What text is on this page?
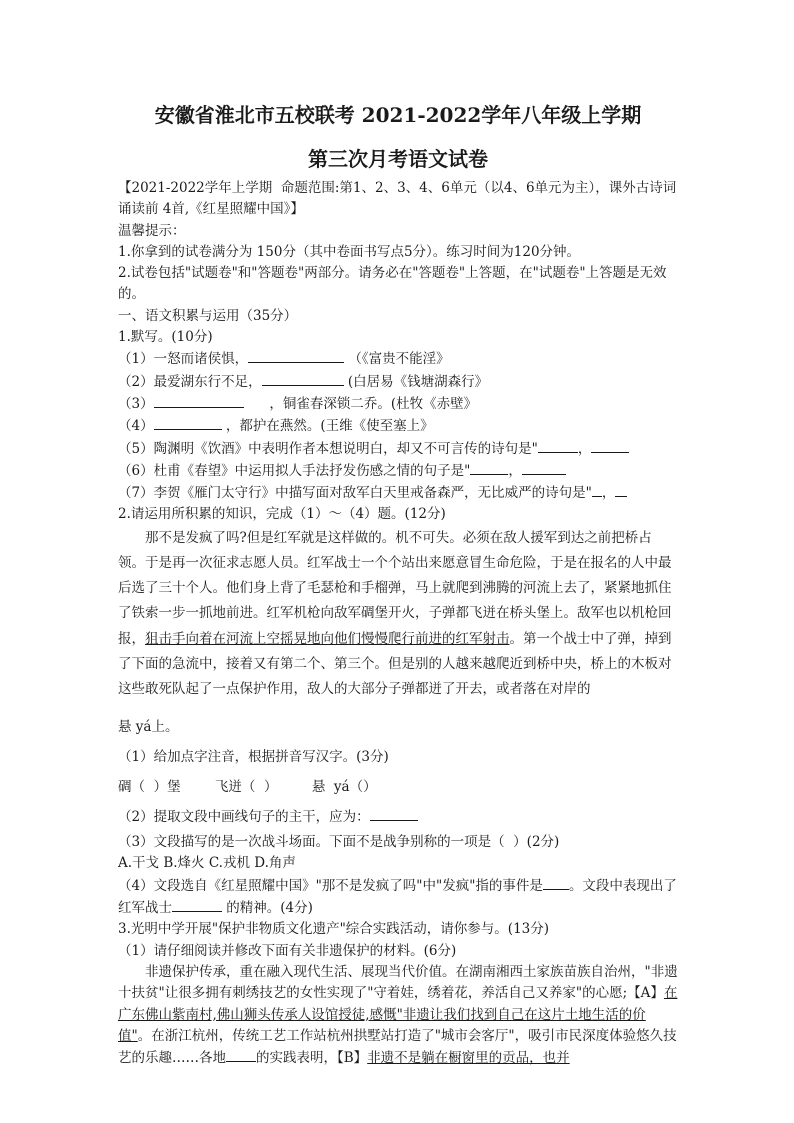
安徽省淮北市五校联考 2021-2022学年八年级上学期
第三次月考语文试卷

【2021-2022学年上学期  命题范围:第1、2、3、4、6单元（以4、6单元为主），课外古诗词诵读前 4首,《红星照耀中国》】

温馨提示：

1.你拿到的试卷满分为 150分（其中卷面书写点5分）。练习时间为120分钟。

2.试卷包括"试题卷"和"答题卷"两部分。请务必在"答题卷"上答题，在"试题卷"上答题是无效的。

一、语文积累与运用（35分）

1.默写。(10分)

（1）一怒而诸侯惧，	（《富贵不能淫》

（2）最爱湖东行不足，	(白居易《钱塘湖森行》

（3）	，铜雀春深锁二乔。(杜牧《赤壁》

（4）	，都护在燕然。(王维《使至塞上》

（5）陶渊明《饮酒》中表明作者本想说明白，却又不可言传的诗句是"	，

（6）杜甫《春望》中运用拟人手法抒发伤感之情的句子是"	，

（7）李贺《雁门太守行》中描写面对敌军白天里戒备森严，无比威严的诗句是" ，

2.请运用所积累的知识，完成（1）～（4）题。(12分)

那不是发疯了吗?但是红军就是这样做的。机不可失。必须在敌人援军到达之前把桥占领。于是再一次征求志愿人员。红军战士一个个站出来愿意冒生命危险，于是在报名的人中最后选了三十个人。他们身上背了毛瑟枪和手榴弹，马上就爬到沸腾的河流上去了，紧紧地抓住了铁索一步一抓地前进。红军机枪向敌军碉堡开火，子弹都飞迸在桥头堡上。敌军也以机枪回报，狙击手向着在河流上空摇晃地向他们慢慢爬行前进的红军射击。第一个战士中了弹，掉到了下面的急流中，接着又有第二个、第三个。但是别的人越来越爬近到桥中央，桥上的木板对这些敢死队起了一点保护作用，敌人的大部分子弹都迸了开去，或者落在对岸的

悬 yá上。

（1）给加点字注音，根据拼音写汉字。(3分)

碉（  ）堡        飞迸（  ）        悬  yá（）

（2）提取文段中画线句子的主干，应为：

（3）文段描写的是一次战斗场面。下面不是战争别称的一项是（  ）(2分)

A.干戈 B.烽火 C.戎机 D.角声

（4）文段选自《红星照耀中国》"那不是发疯了吗"中"发疯"指的事件是 。文段中表现出了红军战士	的精神。(4分)

3.光明中学开展"保护非物质文化遗产"综合实践活动，请你参与。(13分)

（1）请仔细阅读并修改下面有关非遗保护的材料。(6分)

非遗保护传承，重在融入现代生活、展现当代价值。在湖南湘西土家族苗族自治州，"非遗十扶贫"让很多拥有刺绣技艺的女性实现了"守着娃，绣着花，养活自己又养家"的心愿;【A】在广东佛山紫南村,佛山狮头传承人设馆授徒,感慨"非遗让我们找到自己在这片土地生活的价值"。在浙江杭州，传统工艺工作站杭州拱墅站打造了"城市会客厅"，吸引市民深度体验悠久技艺的乐趣……各地 的实践表明，【B】非遗不是躺在橱窗里的贡品，也并
